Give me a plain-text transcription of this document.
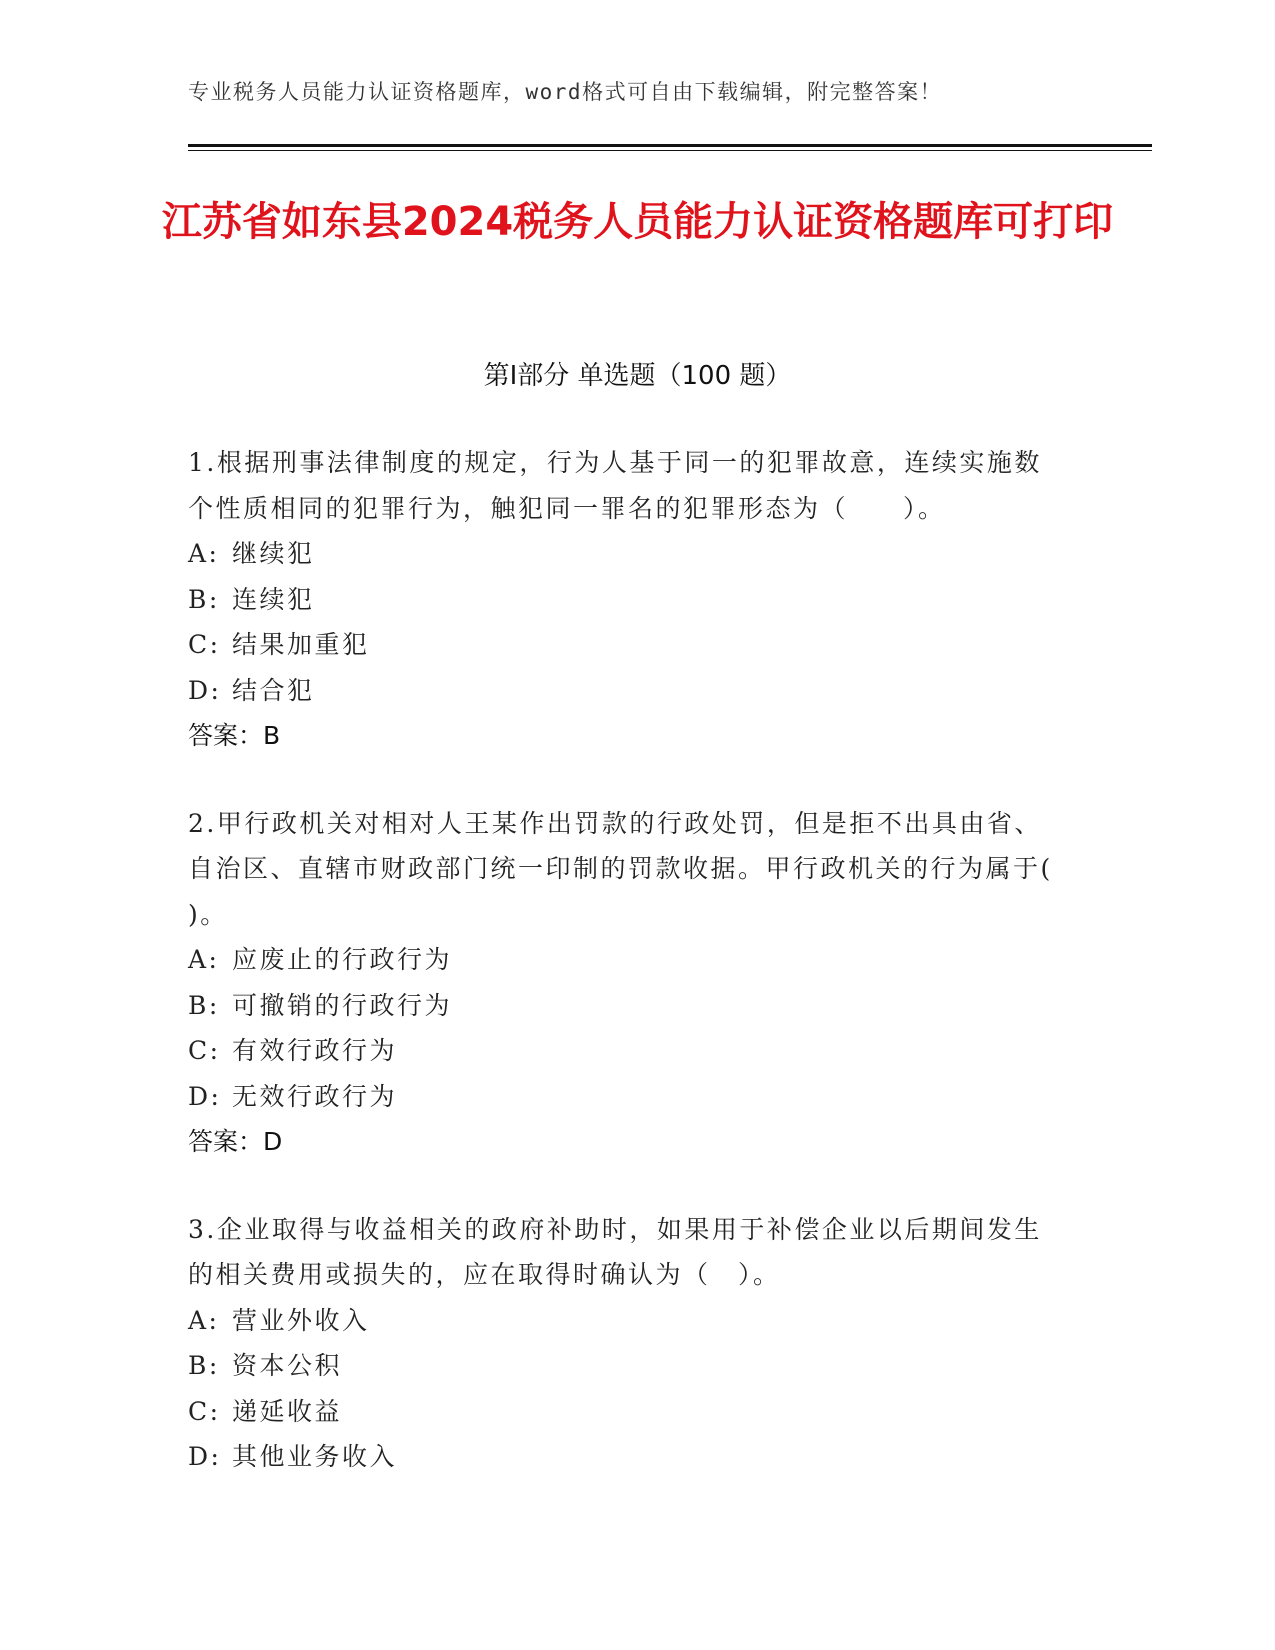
专业税务人员能力认证资格题库，word格式可自由下载编辑，附完整答案！
江苏省如东县2024税务人员能力认证资格题库可打印
第Ⅰ部分 单选题（100 题）
1.根据刑事法律制度的规定，行为人基于同一的犯罪故意，连续实施数个性质相同的犯罪行为，触犯同一罪名的犯罪形态为（　　）。
A: 继续犯
B: 连续犯
C: 结果加重犯
D: 结合犯
答案：B
2.甲行政机关对相对人王某作出罚款的行政处罚，但是拒不出具由省、自治区、直辖市财政部门统一印制的罚款收据。甲行政机关的行为属于( )。
A: 应废止的行政行为
B: 可撤销的行政行为
C: 有效行政行为
D: 无效行政行为
答案：D
3.企业取得与收益相关的政府补助时，如果用于补偿企业以后期间发生的相关费用或损失的，应在取得时确认为（　）。
A: 营业外收入
B: 资本公积
C: 递延收益
D: 其他业务收入
